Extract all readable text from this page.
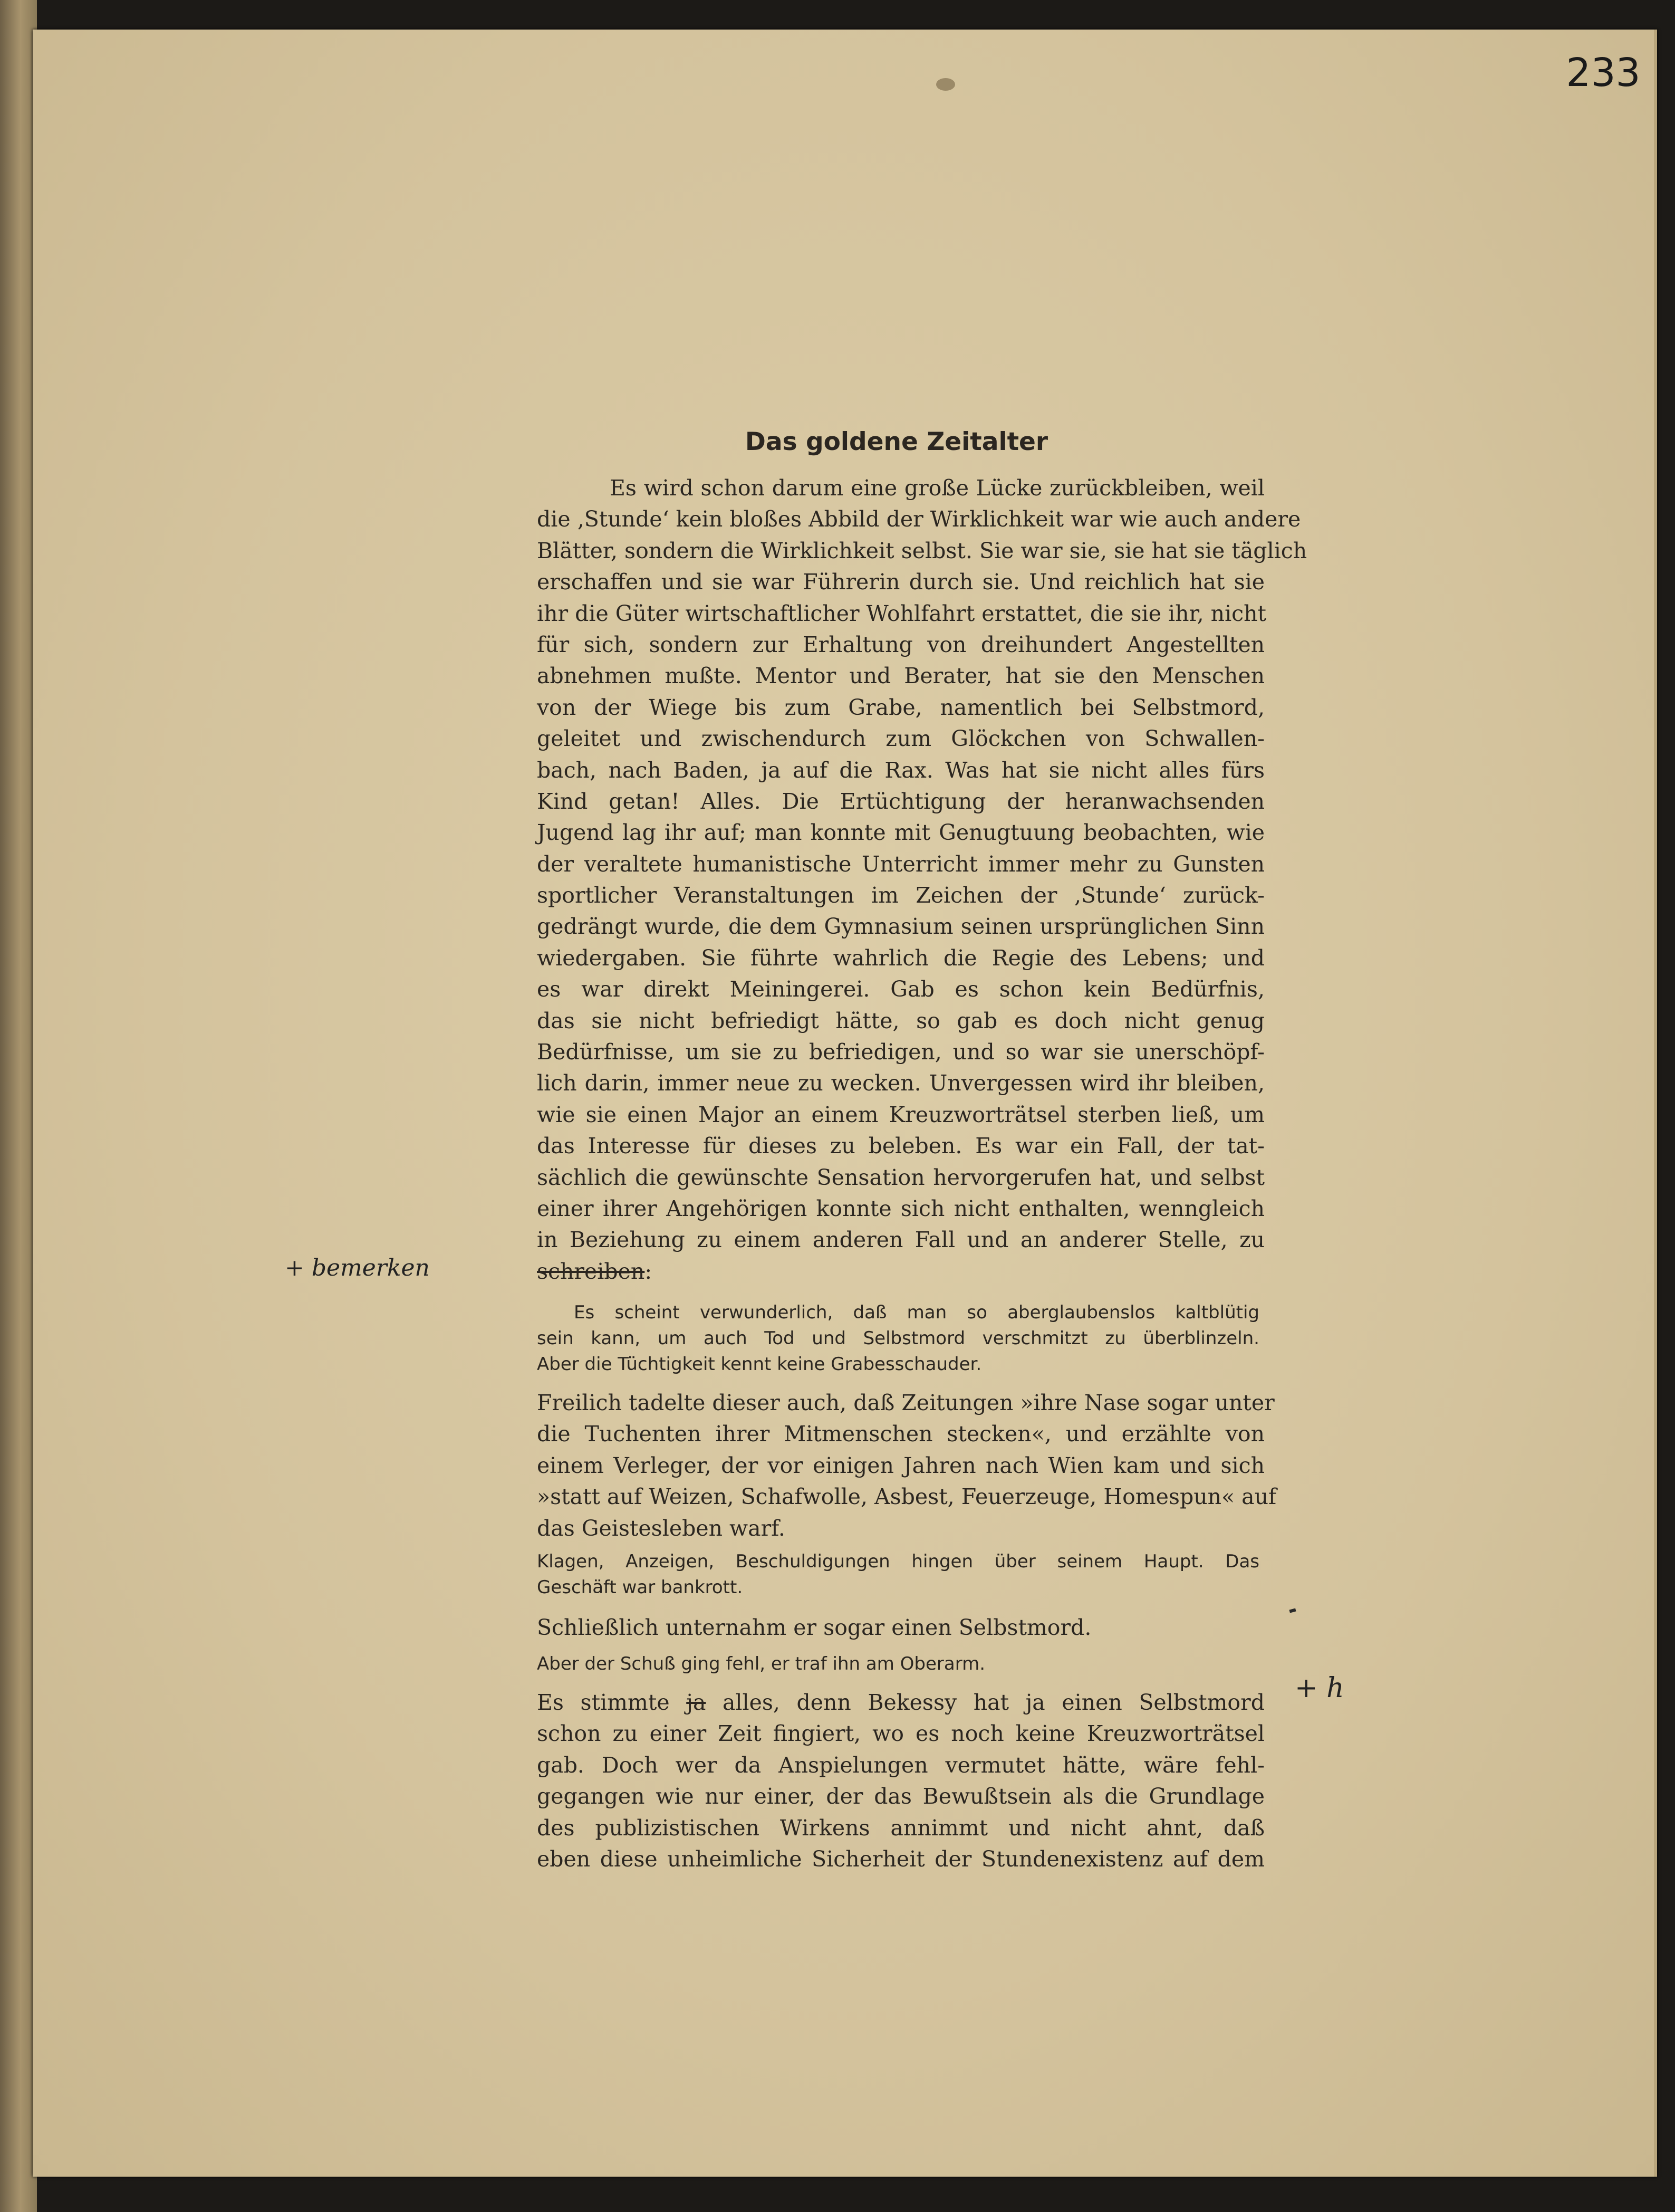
233
Das goldene Zeitalter
Es wird schon darum eine große Lücke zurückbleiben, weil
die ‚Stunde‘ kein bloßes Abbild der Wirklichkeit war wie auch andere
Blätter, sondern die Wirklichkeit selbst. Sie war sie, sie hat sie täglich
erschaffen und sie war Führerin durch sie. Und reichlich hat sie
ihr die Güter wirtschaftlicher Wohlfahrt erstattet, die sie ihr, nicht
für sich, sondern zur Erhaltung von dreihundert Angestellten
abnehmen mußte. Mentor und Berater, hat sie den Menschen
von der Wiege bis zum Grabe, namentlich bei Selbstmord,
geleitet und zwischendurch zum Glöckchen von Schwallen-
bach, nach Baden, ja auf die Rax. Was hat sie nicht alles fürs
Kind getan! Alles. Die Ertüchtigung der heranwachsenden
Jugend lag ihr auf; man konnte mit Genugtuung beobachten, wie
der veraltete humanistische Unterricht immer mehr zu Gunsten
sportlicher Veranstaltungen im Zeichen der ‚Stunde‘ zurück-
gedrängt wurde, die dem Gymnasium seinen ursprünglichen Sinn
wiedergaben. Sie führte wahrlich die Regie des Lebens; und
es war direkt Meiningerei. Gab es schon kein Bedürfnis,
das sie nicht befriedigt hätte, so gab es doch nicht genug
Bedürfnisse, um sie zu befriedigen, und so war sie unerschöpf-
lich darin, immer neue zu wecken. Unvergessen wird ihr bleiben,
wie sie einen Major an einem Kreuzworträtsel sterben ließ, um
das Interesse für dieses zu beleben. Es war ein Fall, der tat-
sächlich die gewünschte Sensation hervorgerufen hat, und selbst
einer ihrer Angehörigen konnte sich nicht enthalten, wenngleich
in Beziehung zu einem anderen Fall und an anderer Stelle, zu
schreiben:
Es scheint verwunderlich, daß man so aberglaubenslos kaltblütig
sein kann, um auch Tod und Selbstmord verschmitzt zu überblinzeln.
Aber die Tüchtigkeit kennt keine Grabesschauder.
Freilich tadelte dieser auch, daß Zeitungen »ihre Nase sogar unter
die Tuchenten ihrer Mitmenschen stecken«, und erzählte von
einem Verleger, der vor einigen Jahren nach Wien kam und sich
»statt auf Weizen, Schafwolle, Asbest, Feuerzeuge, Homespun« auf
das Geistesleben warf.
Klagen, Anzeigen, Beschuldigungen hingen über seinem Haupt. Das
Geschäft war bankrott.
Schließlich unternahm er sogar einen Selbstmord.
Aber der Schuß ging fehl, er traf ihn am Oberarm.
Es stimmte ja alles, denn Bekessy hat ja einen Selbstmord
schon zu einer Zeit fingiert, wo es noch keine Kreuzworträtsel
gab. Doch wer da Anspielungen vermutet hätte, wäre fehl-
gegangen wie nur einer, der das Bewußtsein als die Grundlage
des publizistischen Wirkens annimmt und nicht ahnt, daß
eben diese unheimliche Sicherheit der Stundenexistenz auf dem
+ bemerken
+ h
